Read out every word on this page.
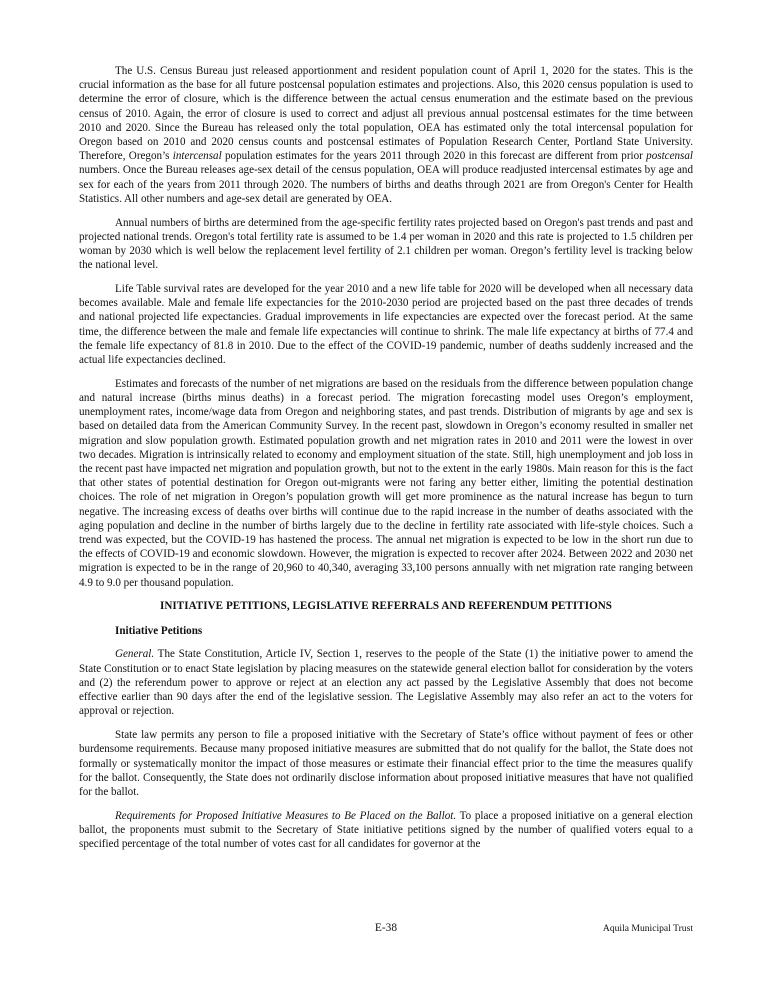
The U.S. Census Bureau just released apportionment and resident population count of April 1, 2020 for the states. This is the crucial information as the base for all future postcensal population estimates and projections. Also, this 2020 census population is used to determine the error of closure, which is the difference between the actual census enumeration and the estimate based on the previous census of 2010. Again, the error of closure is used to correct and adjust all previous annual postcensal estimates for the time between 2010 and 2020. Since the Bureau has released only the total population, OEA has estimated only the total intercensal population for Oregon based on 2010 and 2020 census counts and postcensal estimates of Population Research Center, Portland State University. Therefore, Oregon’s intercensal population estimates for the years 2011 through 2020 in this forecast are different from prior postcensal numbers. Once the Bureau releases age-sex detail of the census population, OEA will produce readjusted intercensal estimates by age and sex for each of the years from 2011 through 2020. The numbers of births and deaths through 2021 are from Oregon's Center for Health Statistics. All other numbers and age-sex detail are generated by OEA.

Annual numbers of births are determined from the age-specific fertility rates projected based on Oregon's past trends and past and projected national trends. Oregon's total fertility rate is assumed to be 1.4 per woman in 2020 and this rate is projected to 1.5 children per woman by 2030 which is well below the replacement level fertility of 2.1 children per woman. Oregon’s fertility level is tracking below the national level.

Life Table survival rates are developed for the year 2010 and a new life table for 2020 will be developed when all necessary data becomes available. Male and female life expectancies for the 2010-2030 period are projected based on the past three decades of trends and national projected life expectancies. Gradual improvements in life expectancies are expected over the forecast period. At the same time, the difference between the male and female life expectancies will continue to shrink. The male life expectancy at births of 77.4 and the female life expectancy of 81.8 in 2010. Due to the effect of the COVID-19 pandemic, number of deaths suddenly increased and the actual life expectancies declined.

Estimates and forecasts of the number of net migrations are based on the residuals from the difference between population change and natural increase (births minus deaths) in a forecast period. The migration forecasting model uses Oregon’s employment, unemployment rates, income/wage data from Oregon and neighboring states, and past trends. Distribution of migrants by age and sex is based on detailed data from the American Community Survey. In the recent past, slowdown in Oregon’s economy resulted in smaller net migration and slow population growth. Estimated population growth and net migration rates in 2010 and 2011 were the lowest in over two decades. Migration is intrinsically related to economy and employment situation of the state. Still, high unemployment and job loss in the recent past have impacted net migration and population growth, but not to the extent in the early 1980s. Main reason for this is the fact that other states of potential destination for Oregon out-migrants were not faring any better either, limiting the potential destination choices. The role of net migration in Oregon’s population growth will get more prominence as the natural increase has begun to turn negative. The increasing excess of deaths over births will continue due to the rapid increase in the number of deaths associated with the aging population and decline in the number of births largely due to the decline in fertility rate associated with life-style choices. Such a trend was expected, but the COVID-19 has hastened the process. The annual net migration is expected to be low in the short run due to the effects of COVID-19 and economic slowdown. However, the migration is expected to recover after 2024. Between 2022 and 2030 net migration is expected to be in the range of 20,960 to 40,340, averaging 33,100 persons annually with net migration rate ranging between 4.9 to 9.0 per thousand population.

INITIATIVE PETITIONS, LEGISLATIVE REFERRALS AND REFERENDUM PETITIONS
Initiative Petitions

General. The State Constitution, Article IV, Section 1, reserves to the people of the State (1) the initiative power to amend the State Constitution or to enact State legislation by placing measures on the statewide general election ballot for consideration by the voters and (2) the referendum power to approve or reject at an election any act passed by the Legislative Assembly that does not become effective earlier than 90 days after the end of the legislative session. The Legislative Assembly may also refer an act to the voters for approval or rejection.

State law permits any person to file a proposed initiative with the Secretary of State’s office without payment of fees or other burdensome requirements. Because many proposed initiative measures are submitted that do not qualify for the ballot, the State does not formally or systematically monitor the impact of those measures or estimate their financial effect prior to the time the measures qualify for the ballot. Consequently, the State does not ordinarily disclose information about proposed initiative measures that have not qualified for the ballot.

Requirements for Proposed Initiative Measures to Be Placed on the Ballot. To place a proposed initiative on a general election ballot, the proponents must submit to the Secretary of State initiative petitions signed by the number of qualified voters equal to a specified percentage of the total number of votes cast for all candidates for governor at the

E-38	Aquila Municipal Trust
